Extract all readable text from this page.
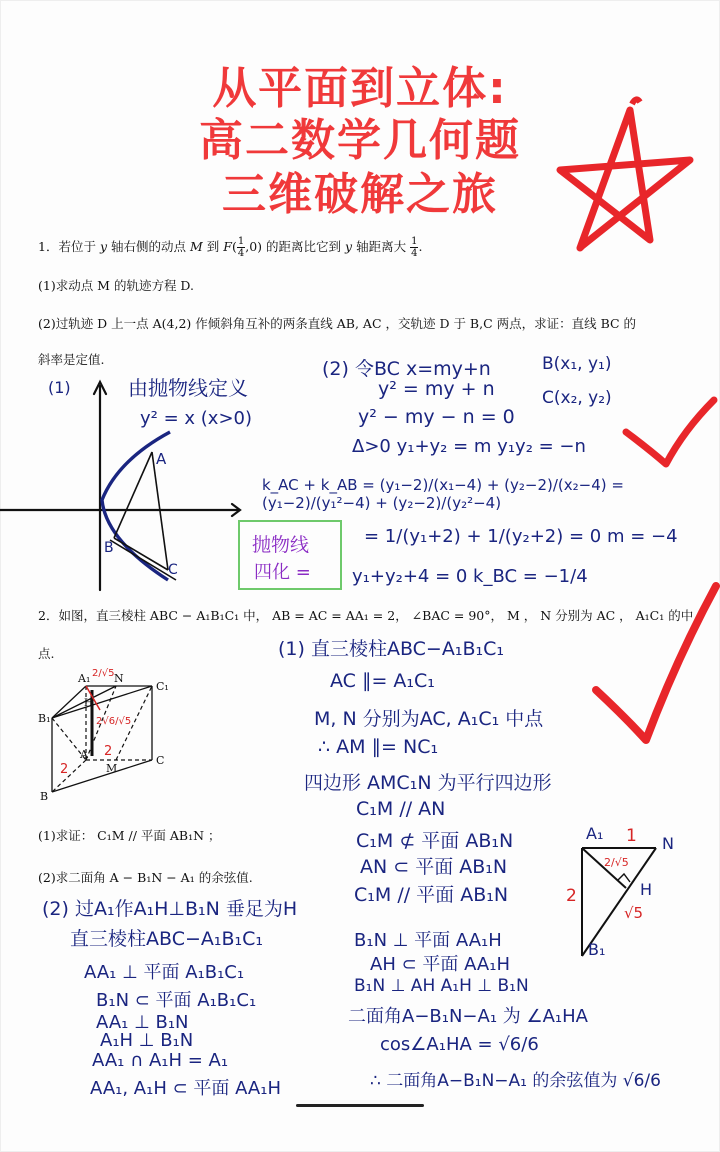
从平面到立体:
高二数学几何题
三维破解之旅
1．若位于 y 轴右侧的动点 M 到 $F( \frac{1}{4} ,0)$ 的距离比它到 y 轴距离大 $\frac{1}{4}$ .
(1)求动点 M 的轨迹方程 D.
(2)过轨迹 D 上一点 A(4,2) 作倾斜角互补的两条直线 AB, AC ，交轨迹 D 于 B,C 两点，求证：直线 BC 的
斜率是定值.
(1)	由抛物线定义
y² = x (x>0)
A
B
C
抛物线
四化 =
(2) 令BC x=my+n	B(x₁, y₁)
C(x₂, y₂)
y² = my + n
y² − my − n = 0
Δ>0 y₁+y₂ = m y₁y₂ = −n
k_AC + k_AB = (y₁−2)/(x₁−4) + (y₂−2)/(x₂−4) = (y₁−2)/(y₁²−4) + (y₂−2)/(y₂²−4)
= 1/(y₁+2) + 1/(y₂+2) = 0 m = −4
y₁+y₂+4 = 0 k_BC = −1/4
2．如图，直三棱柱 ABC − A₁B₁C₁ 中， AB = AC = AA₁ = 2， ∠BAC = 90°， M ， N 分别为 AC ， A₁C₁ 的中
点.
(1)求证： C₁M // 平面 AB₁N ；
(2)求二面角 A − B₁N − A₁ 的余弦值.
A₁ N
C₁
B₁
A
M
C
B
H
2/√5
2√6/√5
2
2
(1) 直三棱柱ABC−A₁B₁C₁
AC ∥= A₁C₁
M, N 分别为AC, A₁C₁ 中点
∴ AM ∥= NC₁
四边形 AMC₁N 为平行四边形
C₁M // AN
C₁M ⊄ 平面 AB₁N
AN ⊂ 平面 AB₁N
C₁M // 平面 AB₁N
A₁
N
B₁
H
1
2
2/√5
√5
(2) 过A₁作A₁H⊥B₁N 垂足为H
直三棱柱ABC−A₁B₁C₁
AA₁ ⊥ 平面 A₁B₁C₁
B₁N ⊂ 平面 A₁B₁C₁
AA₁ ⊥ B₁N
A₁H ⊥ B₁N
AA₁ ∩ A₁H = A₁
AA₁, A₁H ⊂ 平面 AA₁H
B₁N ⊥ 平面 AA₁H
AH ⊂ 平面 AA₁H
B₁N ⊥ AH A₁H ⊥ B₁N
二面角A−B₁N−A₁ 为 ∠A₁HA
cos∠A₁HA = √6/6
∴ 二面角A−B₁N−A₁ 的余弦值为 √6/6
